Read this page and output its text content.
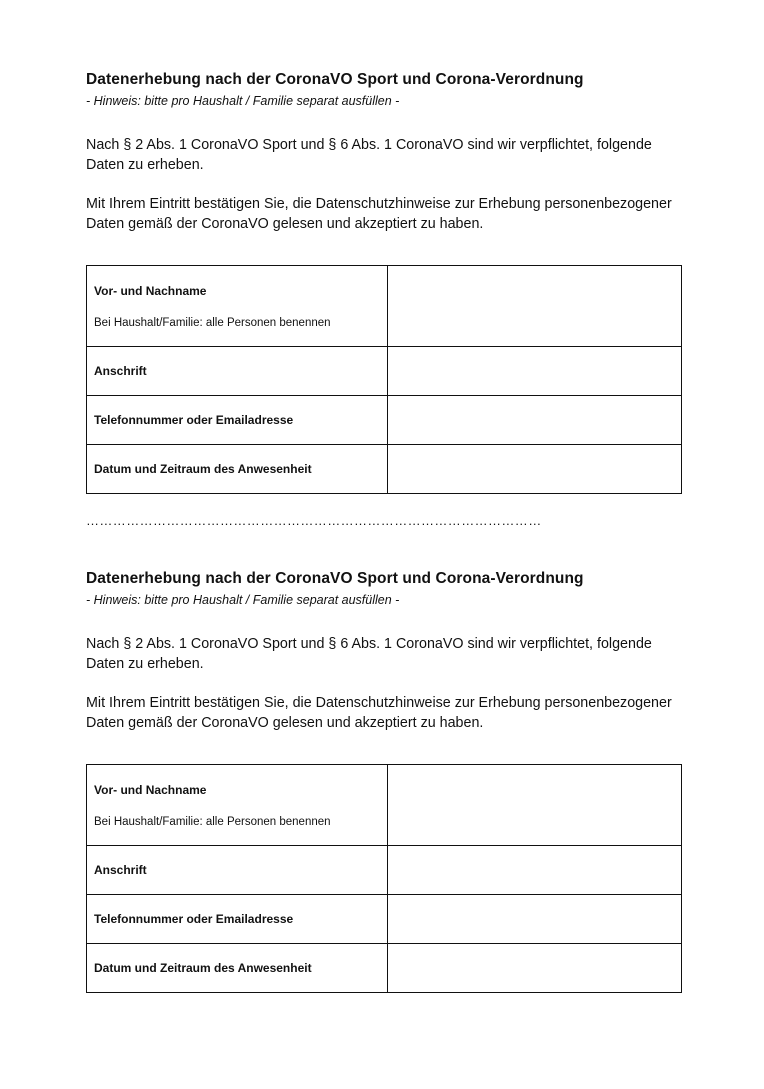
Datenerhebung nach der CoronaVO Sport und Corona-Verordnung

- Hinweis: bitte pro Haushalt / Familie separat ausfüllen -

Nach § 2 Abs. 1 CoronaVO Sport und § 6 Abs. 1 CoronaVO sind wir verpflichtet, folgende Daten zu erheben.

Mit Ihrem Eintritt bestätigen Sie, die Datenschutzhinweise zur Erhebung personenbezogener Daten gemäß der CoronaVO gelesen und akzeptiert zu haben.

Vor- und Nachname
Bei Haushalt/Familie: alle Personen benennen	

Anschrift	

Telefonnummer oder Emailadresse	

Datum und Zeitraum des Anwesenheit	

…………………………………………………………………………………………
Datenerhebung nach der CoronaVO Sport und Corona-Verordnung

- Hinweis: bitte pro Haushalt / Familie separat ausfüllen -

Nach § 2 Abs. 1 CoronaVO Sport und § 6 Abs. 1 CoronaVO sind wir verpflichtet, folgende Daten zu erheben.

Mit Ihrem Eintritt bestätigen Sie, die Datenschutzhinweise zur Erhebung personenbezogener Daten gemäß der CoronaVO gelesen und akzeptiert zu haben.

Vor- und Nachname
Bei Haushalt/Familie: alle Personen benennen	

Anschrift	

Telefonnummer oder Emailadresse	

Datum und Zeitraum des Anwesenheit	
